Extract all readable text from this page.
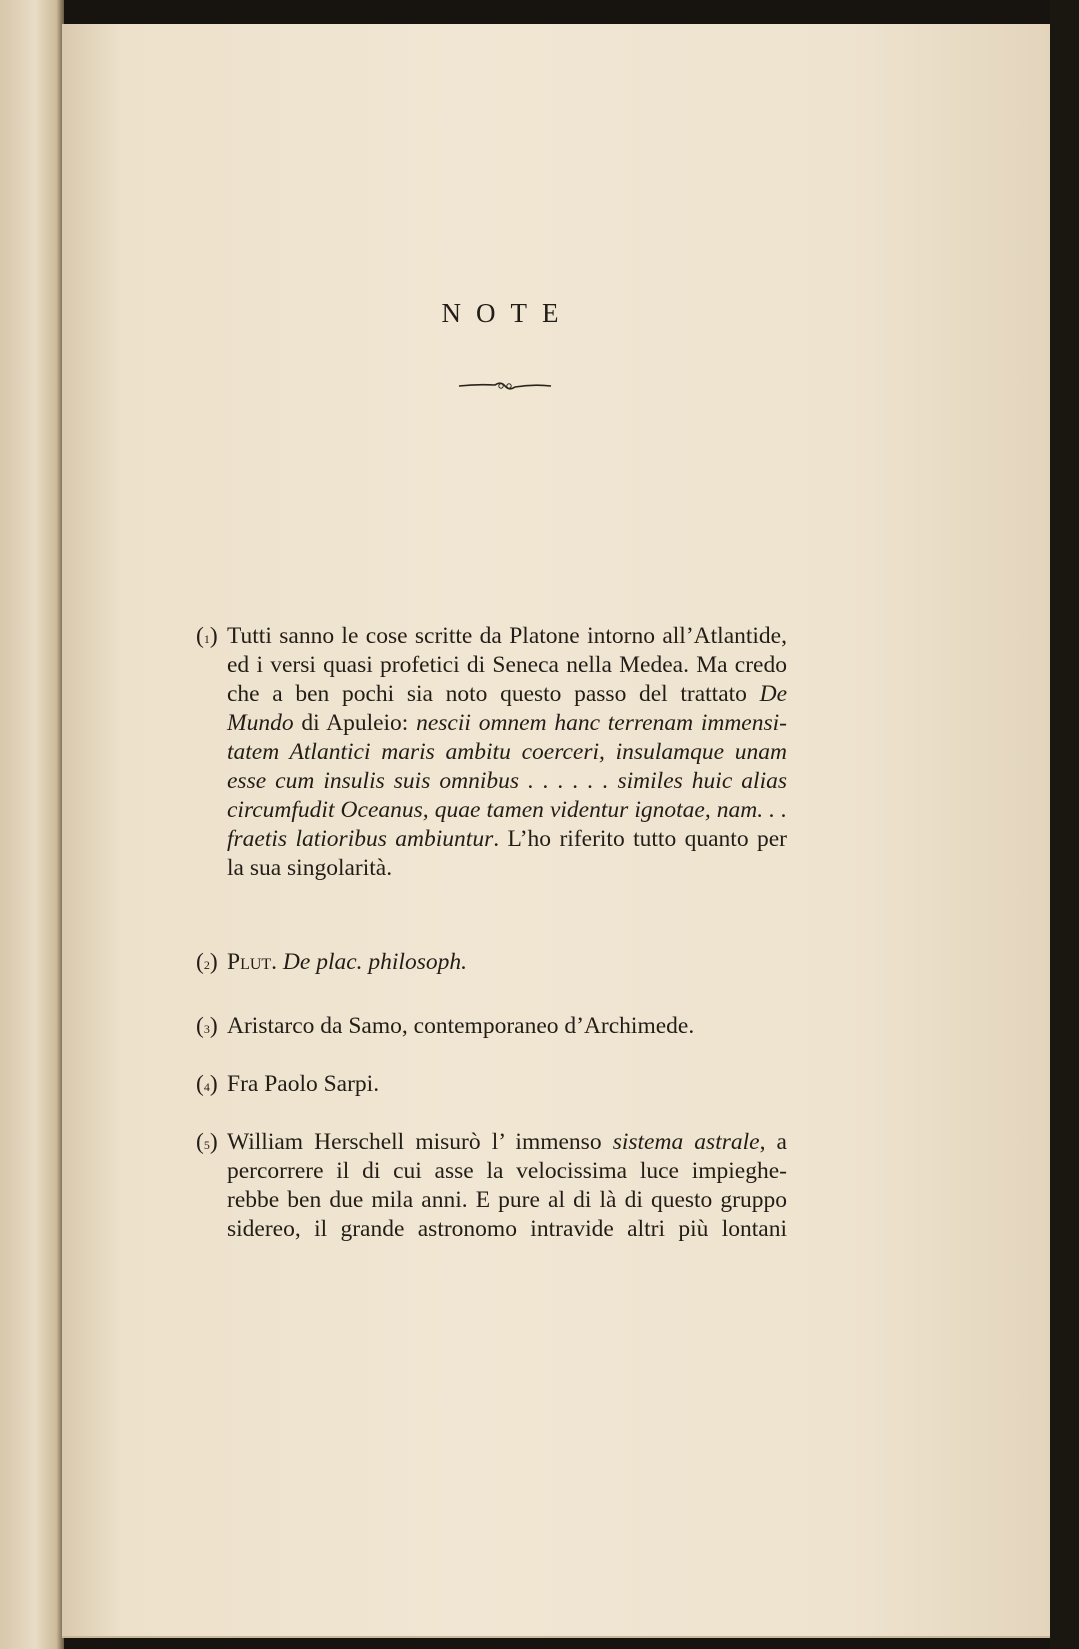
NOTE
($^1$) Tutti sanno le cose scritte da Platone intorno all’Atlantide,
ed i versi quasi profetici di Seneca nella Medea. Ma credo
che a ben pochi sia noto questo passo del trattato De
Mundo di Apuleio: nescii omnem hanc terrenam immensi-
tatem Atlantici maris ambitu coerceri, insulamque unam
esse cum insulis suis omnibus . . . . . . similes huic alias
circumfudit Oceanus, quae tamen videntur ignotae, nam. . .
fraetis latioribus ambiuntur. L’ho riferito tutto quanto per
la sua singolarità.
($^2$) Plut. De plac. philosoph.
($^3$) Aristarco da Samo, contemporaneo d’Archimede.
($^4$) Fra Paolo Sarpi.
($^5$) William Herschell misurò l’ immenso sistema astrale, a
percorrere il di cui asse la velocissima luce impieghe-
rebbe ben due mila anni. E pure al di là di questo gruppo
sidereo, il grande astronomo intravide altri più lontani
